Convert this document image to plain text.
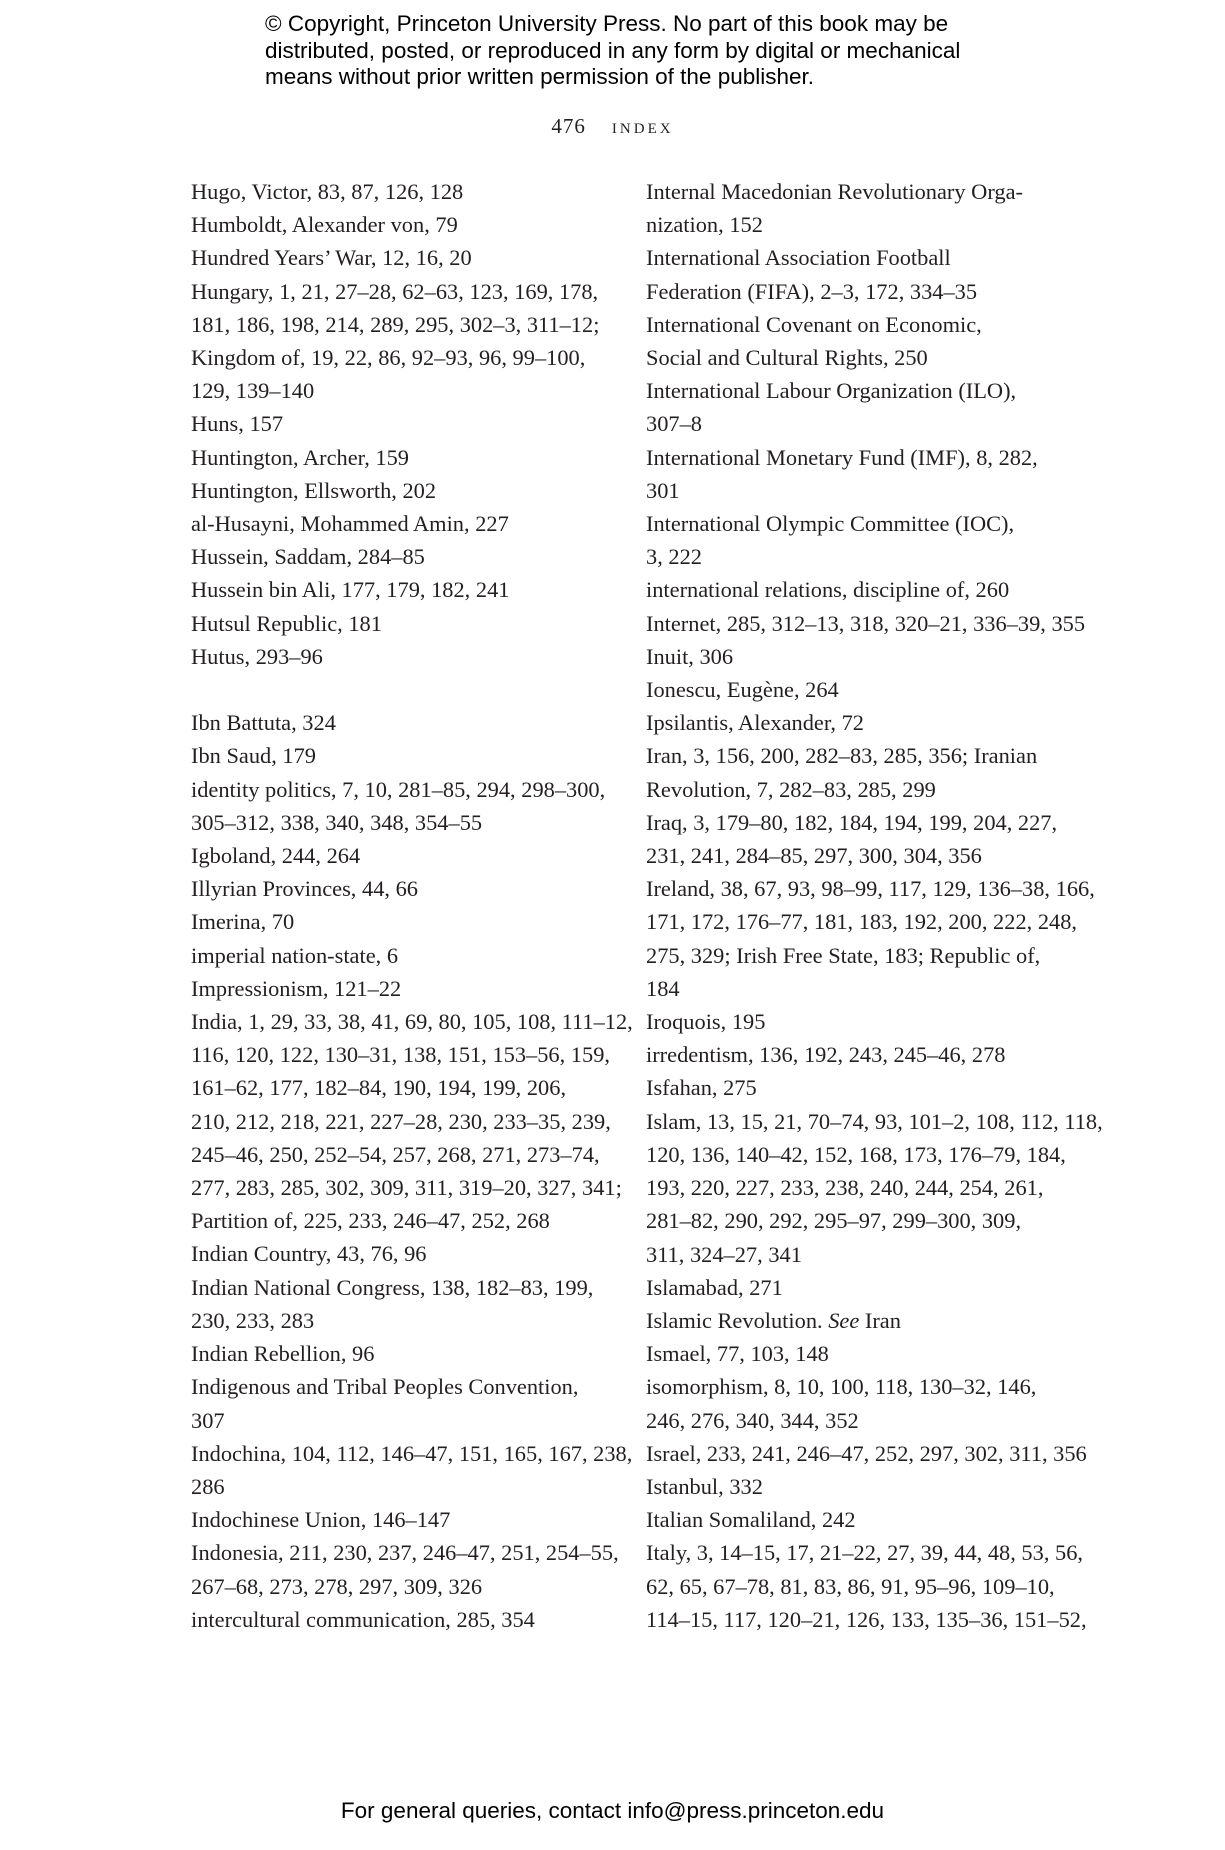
© Copyright, Princeton University Press. No part of this book may be
distributed, posted, or reproduced in any form by digital or mechanical
means without prior written permission of the publisher.
476 index
Hugo, Victor, 83, 87, 126, 128
Humboldt, Alexander von, 79
Hundred Years’ War, 12, 16, 20
Hungary, 1, 21, 27–28, 62–63, 123, 169, 178,
181, 186, 198, 214, 289, 295, 302–3, 311–12;
Kingdom of, 19, 22, 86, 92–93, 96, 99–100,
129, 139–140
Huns, 157
Huntington, Archer, 159
Huntington, Ellsworth, 202
al-Husayni, Mohammed Amin, 227
Hussein, Saddam, 284–85
Hussein bin Ali, 177, 179, 182, 241
Hutsul Republic, 181
Hutus, 293–96
Ibn Battuta, 324
Ibn Saud, 179
identity politics, 7, 10, 281–85, 294, 298–300,
305–312, 338, 340, 348, 354–55
Igboland, 244, 264
Illyrian Provinces, 44, 66
Imerina, 70
imperial nation-state, 6
Impressionism, 121–22
India, 1, 29, 33, 38, 41, 69, 80, 105, 108, 111–12,
116, 120, 122, 130–31, 138, 151, 153–56, 159,
161–62, 177, 182–84, 190, 194, 199, 206,
210, 212, 218, 221, 227–28, 230, 233–35, 239,
245–46, 250, 252–54, 257, 268, 271, 273–74,
277, 283, 285, 302, 309, 311, 319–20, 327, 341;
Partition of, 225, 233, 246–47, 252, 268
Indian Country, 43, 76, 96
Indian National Congress, 138, 182–83, 199,
230, 233, 283
Indian Rebellion, 96
Indigenous and Tribal Peoples Convention,
307
Indochina, 104, 112, 146–47, 151, 165, 167, 238,
286
Indochinese Union, 146–147
Indonesia, 211, 230, 237, 246–47, 251, 254–55,
267–68, 273, 278, 297, 309, 326
intercultural communication, 285, 354
Internal Macedonian Revolutionary Orga-
nization, 152
International Association Football
Federation (FIFA), 2–3, 172, 334–35
International Covenant on Economic,
Social and Cultural Rights, 250
International Labour Organization (ILO),
307–8
International Monetary Fund (IMF), 8, 282,
301
International Olympic Committee (IOC),
3, 222
international relations, discipline of, 260
Internet, 285, 312–13, 318, 320–21, 336–39, 355
Inuit, 306
Ionescu, Eugène, 264
Ipsilantis, Alexander, 72
Iran, 3, 156, 200, 282–83, 285, 356; Iranian
Revolution, 7, 282–83, 285, 299
Iraq, 3, 179–80, 182, 184, 194, 199, 204, 227,
231, 241, 284–85, 297, 300, 304, 356
Ireland, 38, 67, 93, 98–99, 117, 129, 136–38, 166,
171, 172, 176–77, 181, 183, 192, 200, 222, 248,
275, 329; Irish Free State, 183; Republic of,
184
Iroquois, 195
irredentism, 136, 192, 243, 245–46, 278
Isfahan, 275
Islam, 13, 15, 21, 70–74, 93, 101–2, 108, 112, 118,
120, 136, 140–42, 152, 168, 173, 176–79, 184,
193, 220, 227, 233, 238, 240, 244, 254, 261,
281–82, 290, 292, 295–97, 299–300, 309,
311, 324–27, 341
Islamabad, 271
Islamic Revolution. See Iran
Ismael, 77, 103, 148
isomorphism, 8, 10, 100, 118, 130–32, 146,
246, 276, 340, 344, 352
Israel, 233, 241, 246–47, 252, 297, 302, 311, 356
Istanbul, 332
Italian Somaliland, 242
Italy, 3, 14–15, 17, 21–22, 27, 39, 44, 48, 53, 56,
62, 65, 67–78, 81, 83, 86, 91, 95–96, 109–10,
114–15, 117, 120–21, 126, 133, 135–36, 151–52,
For general queries, contact info@press.princeton.edu
